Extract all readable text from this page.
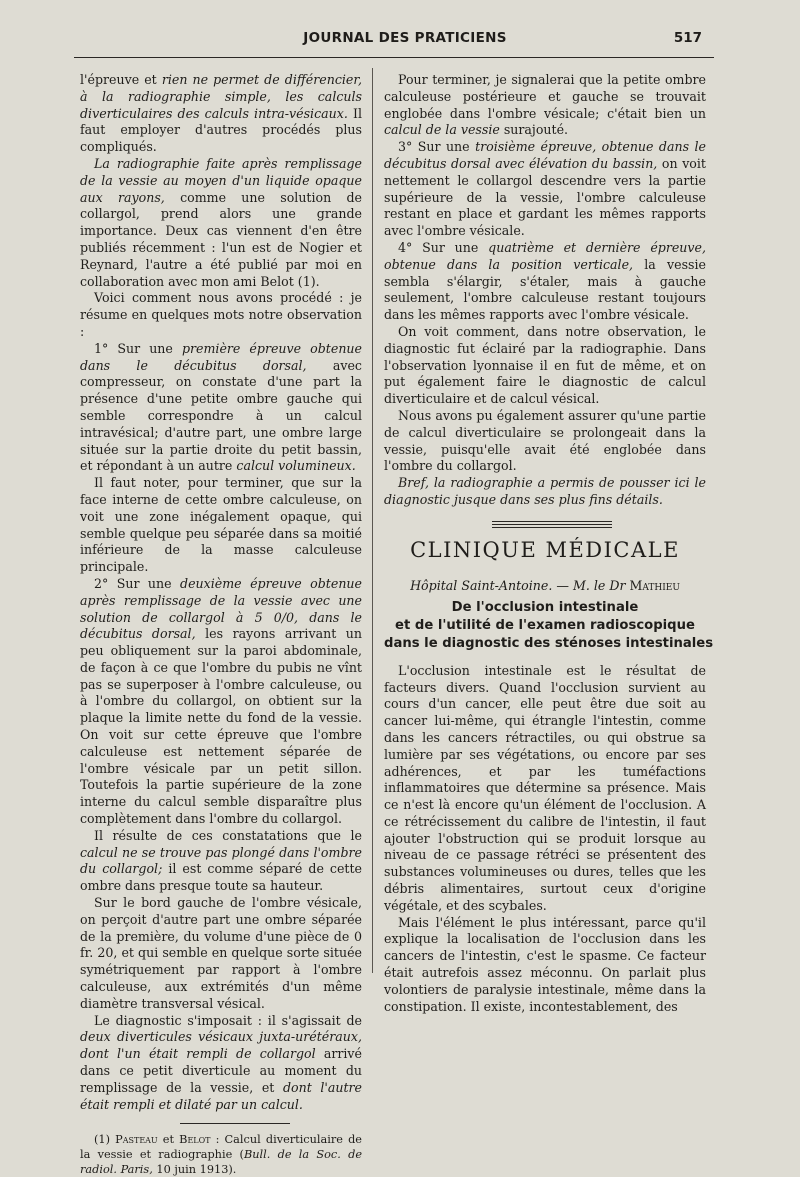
JOURNAL DES PRATICIENS	517

l'épreuve et rien ne permet de différencier, à la radiographie simple, les calculs diverticulaires des calculs intra-vésicaux. Il faut employer d'autres procédés plus compliqués.

La radiographie faite après remplissage de la vessie au moyen d'un liquide opaque aux rayons, comme une solution de collargol, prend alors une grande importance. Deux cas viennent d'en être publiés récemment : l'un est de Nogier et Reynard, l'autre a été publié par moi en collaboration avec mon ami Belot (1).

Voici comment nous avons procédé : je résume en quelques mots notre observation :

1° Sur une première épreuve obtenue dans le décubitus dorsal, avec compresseur, on constate d'une part la présence d'une petite ombre gauche qui semble correspondre à un calcul intravésical; d'autre part, une ombre large située sur la partie droite du petit bassin, et répondant à un autre calcul volumineux.

Il faut noter, pour terminer, que sur la face interne de cette ombre calculeuse, on voit une zone inégalement opaque, qui semble quelque peu séparée dans sa moitié inférieure de la masse calculeuse principale.

2° Sur une deuxième épreuve obtenue après remplissage de la vessie avec une solution de collargol à 5 0/0, dans le décubitus dorsal, les rayons arrivant un peu obliquement sur la paroi abdominale, de façon à ce que l'ombre du pubis ne vînt pas se superposer à l'ombre calculeuse, ou à l'ombre du collargol, on obtient sur la plaque la limite nette du fond de la vessie. On voit sur cette épreuve que l'ombre calculeuse est nettement séparée de l'ombre vésicale par un petit sillon. Toutefois la partie supérieure de la zone interne du calcul semble disparaître plus complètement dans l'ombre du collargol.

Il résulte de ces constatations que le calcul ne se trouve pas plongé dans l'ombre du collargol; il est comme séparé de cette ombre dans presque toute sa hauteur.

Sur le bord gauche de l'ombre vésicale, on perçoit d'autre part une ombre séparée de la première, du volume d'une pièce de 0 fr. 20, et qui semble en quelque sorte située symétriquement par rapport à l'ombre calculeuse, aux extrémités d'un même diamètre transversal vésical.

Le diagnostic s'imposait : il s'agissait de deux diverticules vésicaux juxta-urétéraux, dont l'un était rempli de collargol arrivé dans ce petit diverticule au moment du remplissage de la vessie, et dont l'autre était rempli et dilaté par un calcul.

(1) Pasteau et Belot : Calcul diverticulaire de la vessie et radiographie (Bull. de la Soc. de radiol. Paris, 10 juin 1913).

Pour terminer, je signalerai que la petite ombre calculeuse postérieure et gauche se trouvait englobée dans l'ombre vésicale; c'était bien un calcul de la vessie surajouté.

3° Sur une troisième épreuve, obtenue dans le décubitus dorsal avec élévation du bassin, on voit nettement le collargol descendre vers la partie supérieure de la vessie, l'ombre calculeuse restant en place et gardant les mêmes rapports avec l'ombre vésicale.

4° Sur une quatrième et dernière épreuve, obtenue dans la position verticale, la vessie sembla s'élargir, s'étaler, mais à gauche seulement, l'ombre calculeuse restant toujours dans les mêmes rapports avec l'ombre vésicale.

On voit comment, dans notre observation, le diagnostic fut éclairé par la radiographie. Dans l'observation lyonnaise il en fut de même, et on put également faire le diagnostic de calcul diverticulaire et de calcul vésical.

Nous avons pu également assurer qu'une partie de calcul diverticulaire se prolongeait dans la vessie, puisqu'elle avait été englobée dans l'ombre du collargol.

Bref, la radiographie a permis de pousser ici le diagnostic jusque dans ses plus fins détails.

CLINIQUE MÉDICALE
Hôpital Saint-Antoine. — M. le Dr Mathieu
De l'occlusion intestinale
et de l'utilité de l'examen radioscopique
dans le diagnostic des sténoses intestinales

L'occlusion intestinale est le résultat de facteurs divers. Quand l'occlusion survient au cours d'un cancer, elle peut être due soit au cancer lui-même, qui étrangle l'intestin, comme dans les cancers rétractiles, ou qui obstrue sa lumière par ses végétations, ou encore par ses adhérences, et par les tuméfactions inflammatoires que détermine sa présence. Mais ce n'est là encore qu'un élément de l'occlusion. A ce rétrécissement du calibre de l'intestin, il faut ajouter l'obstruction qui se produit lorsque au niveau de ce passage rétréci se présentent des substances volumineuses ou dures, telles que les débris alimentaires, surtout ceux d'origine végétale, et des scybales.

Mais l'élément le plus intéressant, parce qu'il explique la localisation de l'occlusion dans les cancers de l'intestin, c'est le spasme. Ce facteur était autrefois assez méconnu. On parlait plus volontiers de paralysie intestinale, même dans la constipation. Il existe, incontestablement, des
